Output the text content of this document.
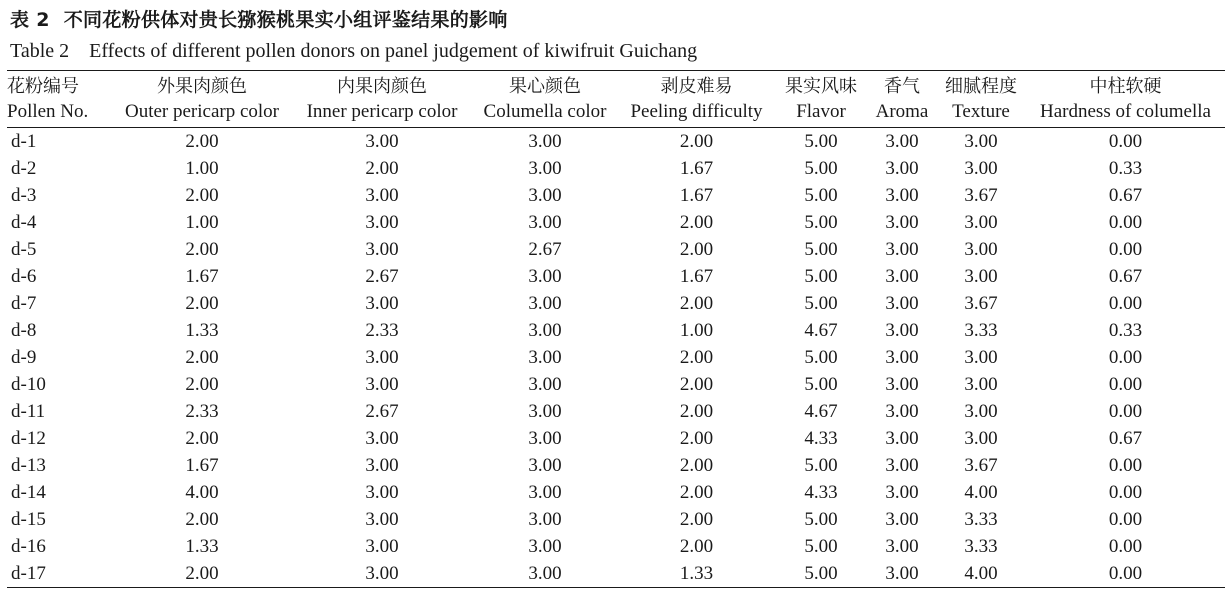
表 2 不同花粉供体对贵长猕猴桃果实小组评鉴结果的影响
Table 2 Effects of different pollen donors on panel judgement of kiwifruit Guichang
花粉编号	外果肉颜色	内果肉颜色	果心颜色	剥皮难易	果实风味	香气	细腻程度	中柱软硬
Pollen No.	Outer pericarp color	Inner pericarp color	Columella color	Peeling difficulty	Flavor	Aroma	Texture	Hardness of columella
d-1	2.00	3.00	3.00	2.00	5.00	3.00	3.00	0.00
d-2	1.00	2.00	3.00	1.67	5.00	3.00	3.00	0.33
d-3	2.00	3.00	3.00	1.67	5.00	3.00	3.67	0.67
d-4	1.00	3.00	3.00	2.00	5.00	3.00	3.00	0.00
d-5	2.00	3.00	2.67	2.00	5.00	3.00	3.00	0.00
d-6	1.67	2.67	3.00	1.67	5.00	3.00	3.00	0.67
d-7	2.00	3.00	3.00	2.00	5.00	3.00	3.67	0.00
d-8	1.33	2.33	3.00	1.00	4.67	3.00	3.33	0.33
d-9	2.00	3.00	3.00	2.00	5.00	3.00	3.00	0.00
d-10	2.00	3.00	3.00	2.00	5.00	3.00	3.00	0.00
d-11	2.33	2.67	3.00	2.00	4.67	3.00	3.00	0.00
d-12	2.00	3.00	3.00	2.00	4.33	3.00	3.00	0.67
d-13	1.67	3.00	3.00	2.00	5.00	3.00	3.67	0.00
d-14	4.00	3.00	3.00	2.00	4.33	3.00	4.00	0.00
d-15	2.00	3.00	3.00	2.00	5.00	3.00	3.33	0.00
d-16	1.33	3.00	3.00	2.00	5.00	3.00	3.33	0.00
d-17	2.00	3.00	3.00	1.33	5.00	3.00	4.00	0.00
